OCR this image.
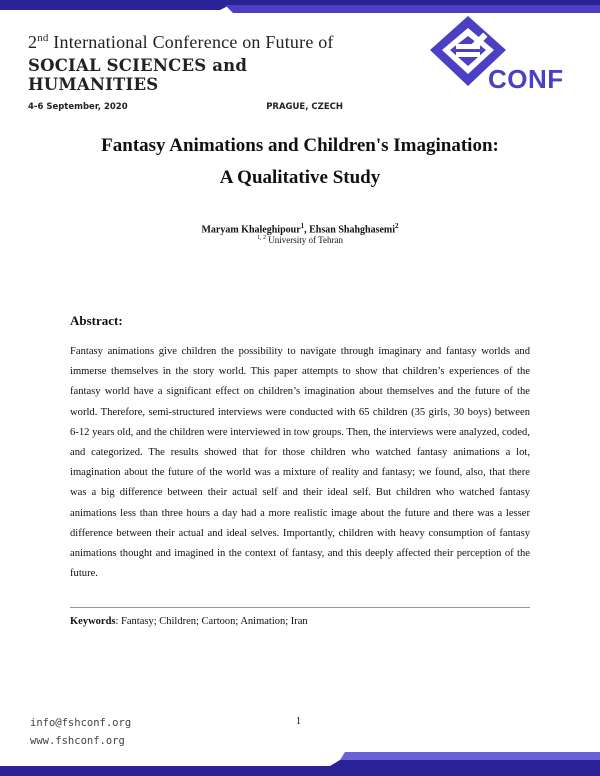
2nd International Conference on Future of
SOCIAL SCIENCES and HUMANITIES
4-6 September, 2020	PRAGUE, CZECH
CONF
Fantasy Animations and Children's Imagination:
A Qualitative Study
Maryam Khaleghipour$^1$, Ehsan Shahghasemi$^2$
$^{1, 2}$ University of Tehran
Abstract:
Fantasy animations give children the possibility to navigate through imaginary and fantasy worlds and immerse themselves in the story world. This paper attempts to show that children’s experiences of the fantasy world have a significant effect on children’s imagination about themselves and the future of the world. Therefore, semi-structured interviews were conducted with 65 children (35 girls, 30 boys) between 6-12 years old, and the children were interviewed in tow groups. Then, the interviews were analyzed, coded, and categorized. The results showed that for those children who watched fantasy animations a lot, imagination about the future of the world was a mixture of reality and fantasy; we found, also, that there was a big difference between their actual self and their ideal self. But children who watched fantasy animations less than three hours a day had a more realistic image about the future and there was a lesser difference between their actual and ideal selves. Importantly, children with heavy consumption of fantasy animations thought and imagined in the context of fantasy, and this deeply affected their perception of the future.
Keywords: Fantasy; Children; Cartoon; Animation; Iran
info@fshconf.org
www.fshconf.org
1
